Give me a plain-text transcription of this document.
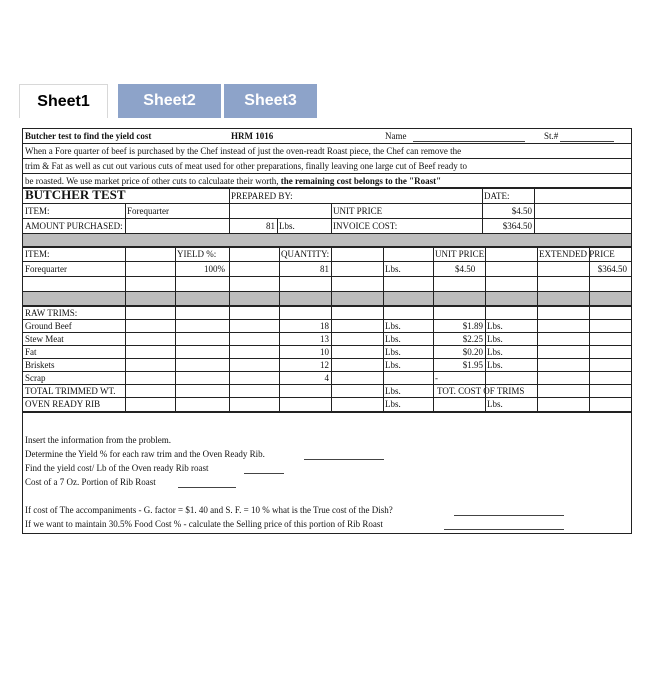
Sheet1	Sheet2	Sheet3
Butcher test to find the yield cost	HRM 1016	Name	St.#
When a Fore quarter of beef is purchased by the Chef instead of just the oven-readt Roast piece, the Chef can remove the
trim & Fat as well as cut out various cuts of meat used for other preparations, finally leaving one large cut of Beef ready to
be roasted. We use market price of other cuts to calculaate their worth, the remaining cost belongs to the "Roast"
BUTCHER TEST	PREPARED BY:	DATE:
ITEM:	Forequarter	UNIT PRICE	$4.50
AMOUNT PURCHASED:	81 Lbs.	INVOICE COST:	$364.50
ITEM:	YIELD %:	QUANTITY:	UNIT PRICE:	EXTENDED PRICE
Forequarter	100%	81	Lbs.	$4.50	$364.50
RAW TRIMS:
Ground Beef	18	Lbs.	$1.89 Lbs.
Stew Meat	13	Lbs.	$2.25 Lbs.
Fat	10	Lbs.	$0.20 Lbs.
Briskets	12	Lbs.	$1.95 Lbs.
Scrap	4	-
TOTAL TRIMMED WT.	Lbs.	TOT. COST OF TRIMS
OVEN READY RIB	Lbs.	Lbs.
Insert the information from the problem.
Determine the Yield % for each raw trim and the Oven Ready Rib.
Find the yield cost/ Lb of the Oven ready Rib roast
Cost of a 7 Oz. Portion of Rib Roast
If cost of The accompaniments - G. factor = $1. 40 and S. F. = 10 % what is the True cost of the Dish?
If we want to maintain 30.5% Food Cost % - calculate the Selling price of this portion of Rib Roast
